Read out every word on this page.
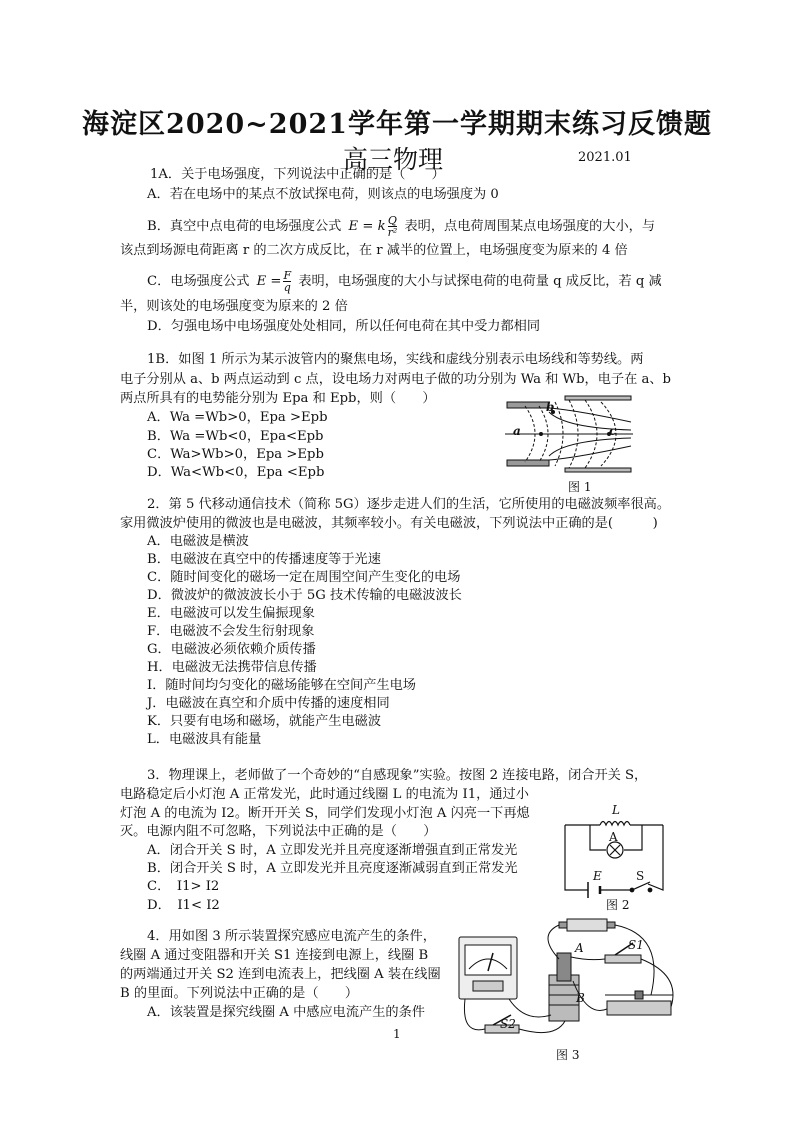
海淀区2020~2021学年第一学期期末练习反馈题
高三物理	2021.01
1A．关于电场强度，下列说法中正确的是（　　）
A．若在电场中的某点不放试探电荷，则该点的电场强度为 0
B．真空中点电荷的电场强度公式 E = k $\frac{Q}{\text{r²}}$ 表明，点电荷周围某点电场强度的大小，与
该点到场源电荷距离 r 的二次方成反比，在 r 减半的位置上，电场强度变为原来的 4 倍
C．电场强度公式 $E = \frac{F}{q}$ 表明，电场强度的大小与试探电荷的电荷量 q 成反比，若 q 减
半，则该处的电场强度变为原来的 2 倍
D．匀强电场中电场强度处处相同，所以任何电荷在其中受力都相同
1B．如图 1 所示为某示波管内的聚焦电场，实线和虚线分别表示电场线和等势线。两
电子分别从 a、b 两点运动到 c 点，设电场力对两电子做的功分别为 Wa 和 Wb，电子在 a、b
两点所具有的电势能分别为 Epa 和 Epb，则（　　）
A．Wa =Wb>0，Epa >Epb
B．Wa =Wb<0，Epa<Epb
C．Wa>Wb>0，Epa >Epb
D．Wa<Wb<0，Epa <Epb
b
a	c
图 1
2．第 5 代移动通信技术（简称 5G）逐步走进人们的生活，它所使用的电磁波频率很高。
家用微波炉使用的微波也是电磁波，其频率较小。有关电磁波，下列说法中正确的是(　　　)
A．电磁波是横波
B．电磁波在真空中的传播速度等于光速
C．随时间变化的磁场一定在周围空间产生变化的电场
D．微波炉的微波波长小于 5G 技术传输的电磁波波长
E．电磁波可以发生偏振现象
F．电磁波不会发生衍射现象
G．电磁波必须依赖介质传播
H．电磁波无法携带信息传播
I．随时间均匀变化的磁场能够在空间产生电场
J．电磁波在真空和介质中传播的速度相同
K．只要有电场和磁场，就能产生电磁波
L．电磁波具有能量
3．物理课上，老师做了一个奇妙的“自感现象”实验。按图 2 连接电路，闭合开关 S，
电路稳定后小灯泡 A 正常发光，此时通过线圈 L 的电流为 I1，通过小
灯泡 A 的电流为 I2。断开开关 S，同学们发现小灯泡 A 闪亮一下再熄
灭。电源内阻不可忽略，下列说法中正确的是（　　）
A．闭合开关 S 时，A 立即发光并且亮度逐渐增强直到正常发光
B．闭合开关 S 时，A 立即发光并且亮度逐渐减弱直到正常发光
C．　I1> I2
D．　I1< I2
L
A
E	S
图 2
4．用如图 3 所示装置探究感应电流产生的条件，
线圈 A 通过变阻器和开关 S1 连接到电源上，线圈 B
的两端通过开关 S2 连到电流表上，把线圈 A 装在线圈
B 的里面。下列说法中正确的是（　　）
A．该装置是探究线圈 A 中感应电流产生的条件
A
B
S1
S2
图 3
1
